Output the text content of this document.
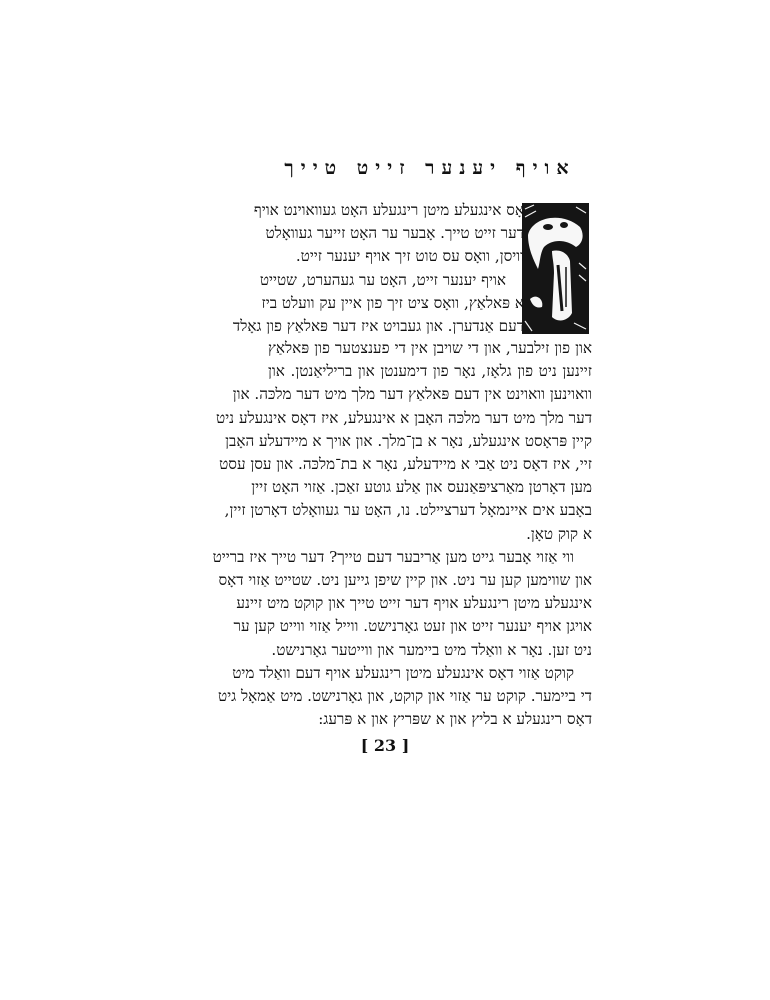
אויף יענער זייט טייך
אָס אינגעלע מיטן רינגעלע האָט געוואוינט אויף
דער זייט טייך. אָבער ער האָט זייער געוואָלט
וויסן, וואָס עס טוט זיך אויף יענער זייט.
אויף יענער זייט, האָט ער געהערט, שטייט
א פּאלאַץ, וואָס ציט זיך פון איין עק וועלט ביז
דעם אַנדערן. און געבויט איז דער פּאלאַץ פון גאָלד
און פון זילבער, און די שויבן אין די פענצטער פון פּאלאַץ
זיינען ניט פון גלאָז, נאָר פון דימענטן און בריליאַנטן. און
וואוינען וואוינט אין דעם פּאלאַץ דער מלך מיט דער מלכּה. און
דער מלך מיט דער מלכּה האָבן א אינגעלע, איז דאָס אינגעלע ניט
קיין פּראָסט אינגעלע, נאָר א בן־מלך. און אויך א מיידעלע האָבן
זיי, איז דאָס ניט אַבי א מיידעלע, נאָר א בת־מלכּה. און עסן עסט
מען דאָרטן מאַרציפּאַנעס און אַלע גוטע זאַכן. אַזוי האָט זיין
באָבע אים איינמאָל דערציילט. נו, האָט ער געוואָלט דאָרטן זיין,
א קוק טאָן.
ווי אַזוי אָבער גייט מען אַריבער דעם טייך? דער טייך איז ברייט
און שווימען קען ער ניט. און קיין שיפן גייען ניט. שטייט אַזוי דאָס
אינגעלע מיטן רינגעלע אויף דער זייט טייך און קוקט מיט זיינע
אויגן אויף יענער זייט און זעט גאָרנישט. ווייל אַזוי ווייט קען ער
ניט זען. נאָר א וואַלד מיט ביימער און ווייטער גאָרנישט.
קוקט אַזוי דאָס אינגעלע מיטן רינגעלע אויף דעם וואַלד מיט
די ביימער. קוקט ער אַזוי און קוקט, און גאָרנישט. מיט אַמאָל גיט
דאָס רינגעלע א בליץ און א שפּריץ און א פּרעג:
[ 23 ]
